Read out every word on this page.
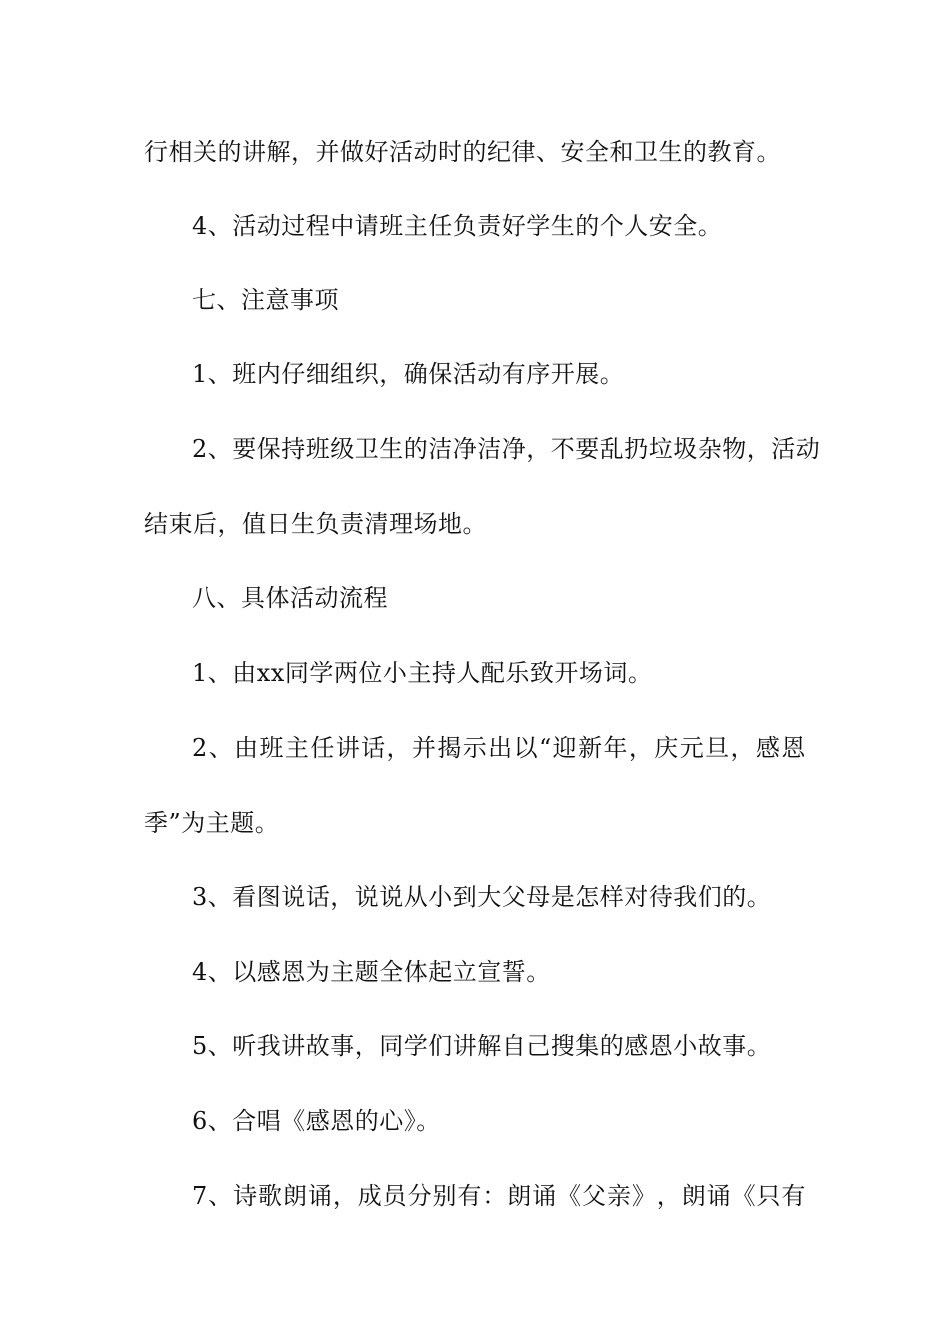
行相关的讲解，并做好活动时的纪律、安全和卫生的教育。

4、活动过程中请班主任负责好学生的个人安全。

七、注意事项

1、班内仔细组织，确保活动有序开展。

2 、 要 保 持 班 级 卫 生 的 洁 净 洁 净 ， 不 要 乱 扔 垃 圾 杂 物 ， 活 动

结束后，值日生负责清理场地。

八、具体活动流程

1、由xx同学两位小主持人配乐致开场词。

2 、 由 班 主 任 讲 话 ， 并 揭 示 出 以 “ 迎 新 年 ， 庆 元 旦 ， 感 恩

季”为主题。

3、看图说话，说说从小到大父母是怎样对待我们的。

4、以感恩为主题全体起立宣誓。

5、听我讲故事，同学们讲解自己搜集的感恩小故事。

6、合唱《感恩的心》。

7 、 诗 歌 朗 诵 ， 成 员 分 别 有 ： 朗 诵 《 父 亲 》 ， 朗 诵 《 只 有
